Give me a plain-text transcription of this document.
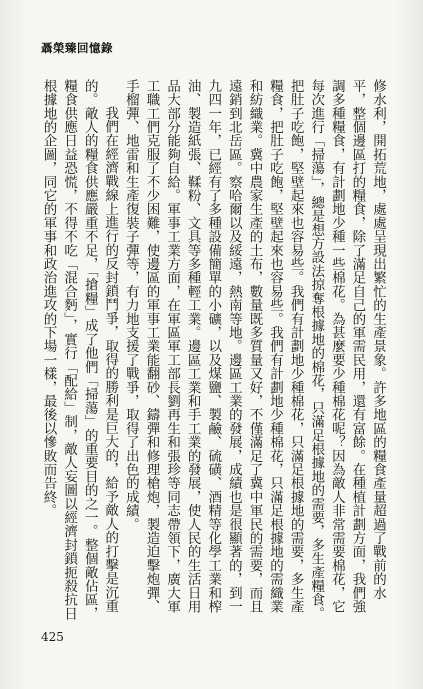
聶榮臻回憶錄

修水利，開拓荒地，處處呈現出繁忙的生產景象。許多地區的糧食產量超過了戰前的水平，整個邊區打的糧食，除了滿足自己的軍需民用，還有富餘。在種植計劃方面，我們強調多種糧食，有計劃地少種一些棉花。為甚麼要少種棉花呢？因為敵人非常需要棉花，它每次進行「掃蕩」，總是想方設法掠奪根據地的棉花，只滿足根據地的需要，多生產糧食。把肚子吃飽，堅壁起來也容易些。我們有計劃地少種棉花，只滿足根據地的需要，多生產糧食，把肚子吃飽，堅壁起來也容易些。我們有計劃地少種棉花，只滿足根據地的需織業和紡織業。冀中農家生產的土布，數量既多質量又好，不僅滿足了冀中軍民的需要，而且遠銷到北岳區。察哈爾以及綏遠，熱南等地。邊區工業的發展，成績也是很顯著的，到一九四一年，已經有了多種設備簡單的小礦，以及煤鹽、製鹼、硫磺、酒精等化學工業和榨油、製造紙張、鞣粉、文具等多種輕工業。邊區工業和手工業的發展，使人民的生活日用品大部分能夠自給。軍事工業方面，在軍區軍工部長劉再生和張珍等同志帶領下，廣大軍工職工們克服了不少困難，使邊區的軍事工業能翻砂、鑄彈和修理槍炮，製造迫擊炮彈、手榴彈、地雷和生產復裝子彈等，有力地支援了戰爭，取得了出色的成績。

我們在經濟戰線上進行的反封鎖鬥爭，取得的勝利是巨大的，給予敵人的打擊是沉重的。敵人的糧食供應嚴重不足，「搶糧」成了他們「掃蕩」的重要目的之一。整個敵佔區，糧食供應日益恐慌，不得不吃「混合麪」，實行「配給」制，敵人妄圖以經濟封鎖扼殺抗日根據地的企圖，同它的軍事和政治進攻的下場一樣，最後以慘敗而告終。

425
